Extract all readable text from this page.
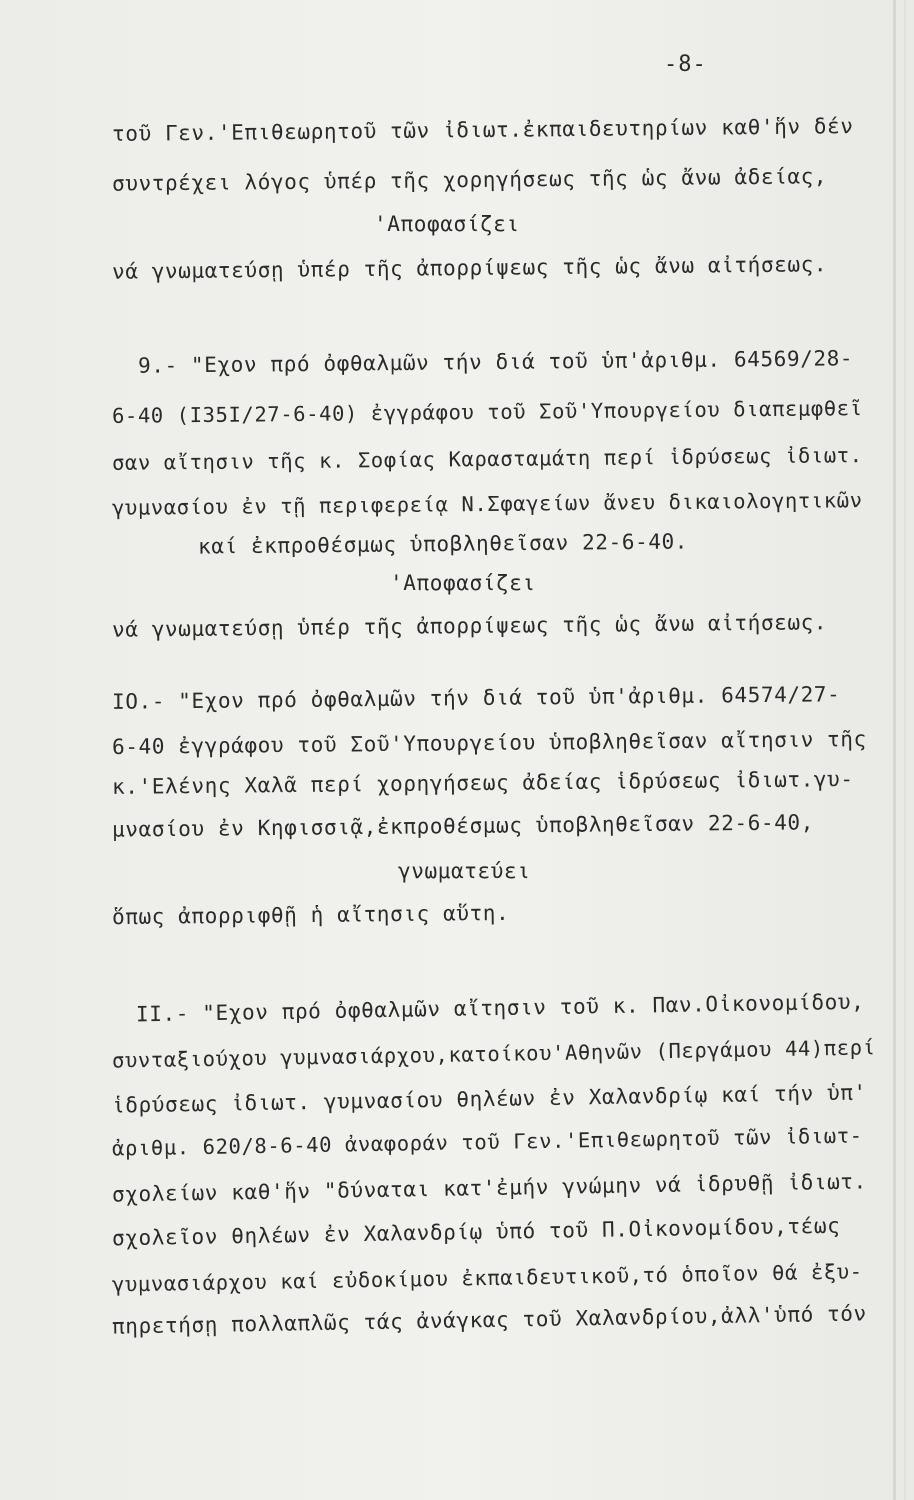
-8-
τοῦ Γεν.'Επιθεωρητοῦ τῶν ἰδιωτ.ἐκπαιδευτηρίων καθ'ἥν δέν
συντρέχει λόγος ὑπέρ τῆς χορηγήσεως τῆς ὡς ἄνω ἀδείας,
'Αποφασίζει
νά γνωματεύσῃ ὑπέρ τῆς ἀπορρίψεως τῆς ὡς ἄνω αἰτήσεως.
9.- "Εχον πρό ὀφθαλμῶν τήν διά τοῦ ὑπ'ἀριθμ. 64569/28-
6-40 (I35I/27-6-40) ἐγγράφου τοῦ Σοῦ'Υπουργείου διαπεμφθεῖ
σαν αἴτησιν τῆς κ. Σοφίας Καρασταμάτη περί ἱδρύσεως ἰδιωτ.
γυμνασίου ἐν τῇ περιφερείᾳ Ν.Σφαγείων ἄνευ δικαιολογητικῶν
καί ἐκπροθέσμως ὑποβληθεῖσαν 22-6-40.
'Αποφασίζει
νά γνωματεύσῃ ὑπέρ τῆς ἀπορρίψεως τῆς ὡς ἄνω αἰτήσεως.
IO.- "Εχον πρό ὀφθαλμῶν τήν διά τοῦ ὑπ'ἀριθμ. 64574/27-
6-40 ἐγγράφου τοῦ Σοῦ'Υπουργείου ὑποβληθεῖσαν αἴτησιν τῆς
κ.'Ελένης Χαλᾶ περί χορηγήσεως ἀδείας ἱδρύσεως ἰδιωτ.γυ-
μνασίου ἐν Κηφισσιᾷ,ἐκπροθέσμως ὑποβληθεῖσαν 22-6-40,
γνωματεύει
ὅπως ἀπορριφθῇ ἡ αἴτησις αὕτη.
II.- "Εχον πρό ὀφθαλμῶν αἴτησιν τοῦ κ. Παν.Οἰκονομίδου,
συνταξιούχου γυμνασιάρχου,κατοίκου'Αθηνῶν (Περγάμου 44)περί
ἱδρύσεως ἰδιωτ. γυμνασίου θηλέων ἐν Χαλανδρίῳ καί τήν ὑπ'
ἀριθμ. 620/8-6-40 ἀναφοράν τοῦ Γεν.'Επιθεωρητοῦ τῶν ἰδιωτ-
σχολείων καθ'ἥν "δύναται κατ'ἐμήν γνώμην νά ἱδρυθῇ ἰδιωτ.
σχολεῖον θηλέων ἐν Χαλανδρίῳ ὑπό τοῦ Π.Οἰκονομίδου,τέως
γυμνασιάρχου καί εὐδοκίμου ἐκπαιδευτικοῦ,τό ὁποῖον θά ἐξυ-
πηρετήσῃ πολλαπλῶς τάς ἀνάγκας τοῦ Χαλανδρίου,ἀλλ'ὑπό τόν
